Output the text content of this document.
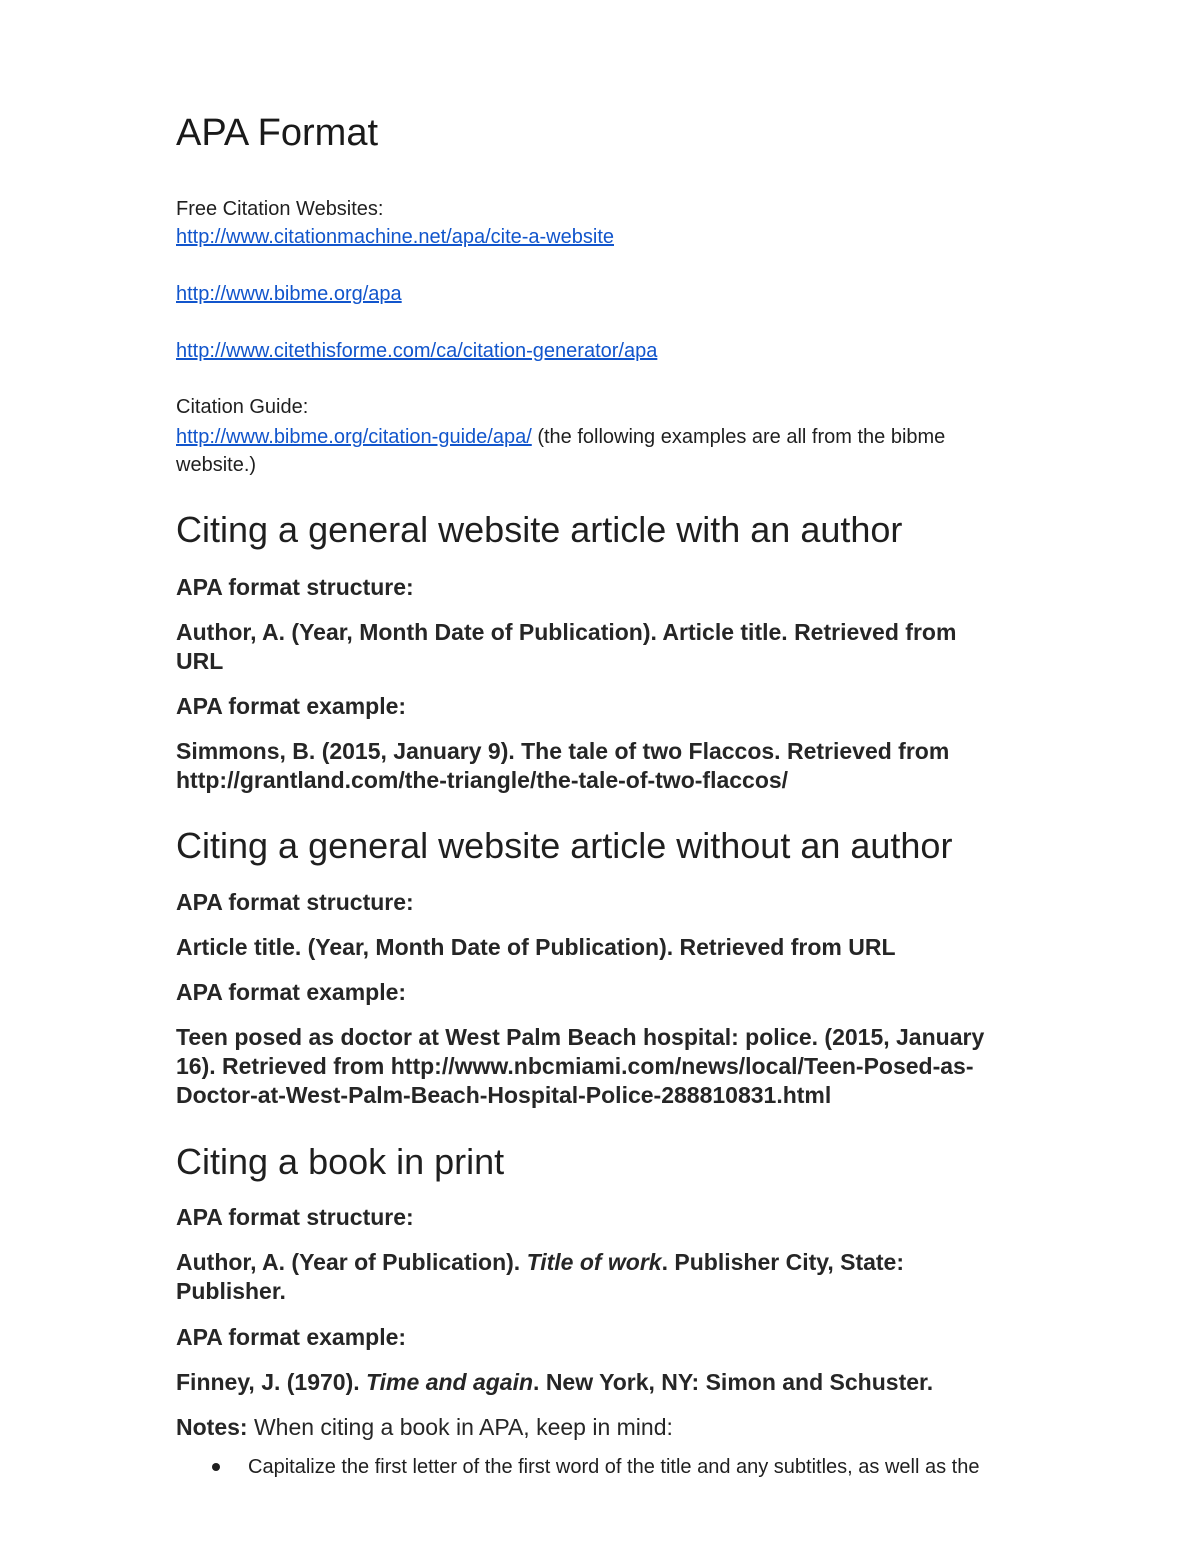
APA Format
Free Citation Websites:
http://www.citationmachine.net/apa/cite-a-website
http://www.bibme.org/apa
http://www.citethisforme.com/ca/citation-generator/apa
Citation Guide:
http://www.bibme.org/citation-guide/apa/ (the following examples are all from the bibme
website.)
Citing a general website article with an author

APA format structure:

Author, A. (Year, Month Date of Publication). Article title. Retrieved from

URL

APA format example:

Simmons, B. (2015, January 9). The tale of two Flaccos. Retrieved from

http://grantland.com/the-triangle/the-tale-of-two-flaccos/

Citing a general website article without an author

APA format structure:

Article title. (Year, Month Date of Publication). Retrieved from URL

APA format example:

Teen posed as doctor at West Palm Beach hospital: police. (2015, January

16). Retrieved from http://www.nbcmiami.com/news/local/Teen-Posed-as-

Doctor-at-West-Palm-Beach-Hospital-Police-288810831.html

Citing a book in print

APA format structure:

Author, A. (Year of Publication). Title of work. Publisher City, State:

Publisher.

APA format example:

Finney, J. (1970). Time and again. New York, NY: Simon and Schuster.

Notes: When citing a book in APA, keep in mind:

Capitalize the first letter of the first word of the title and any subtitles, as well as the
